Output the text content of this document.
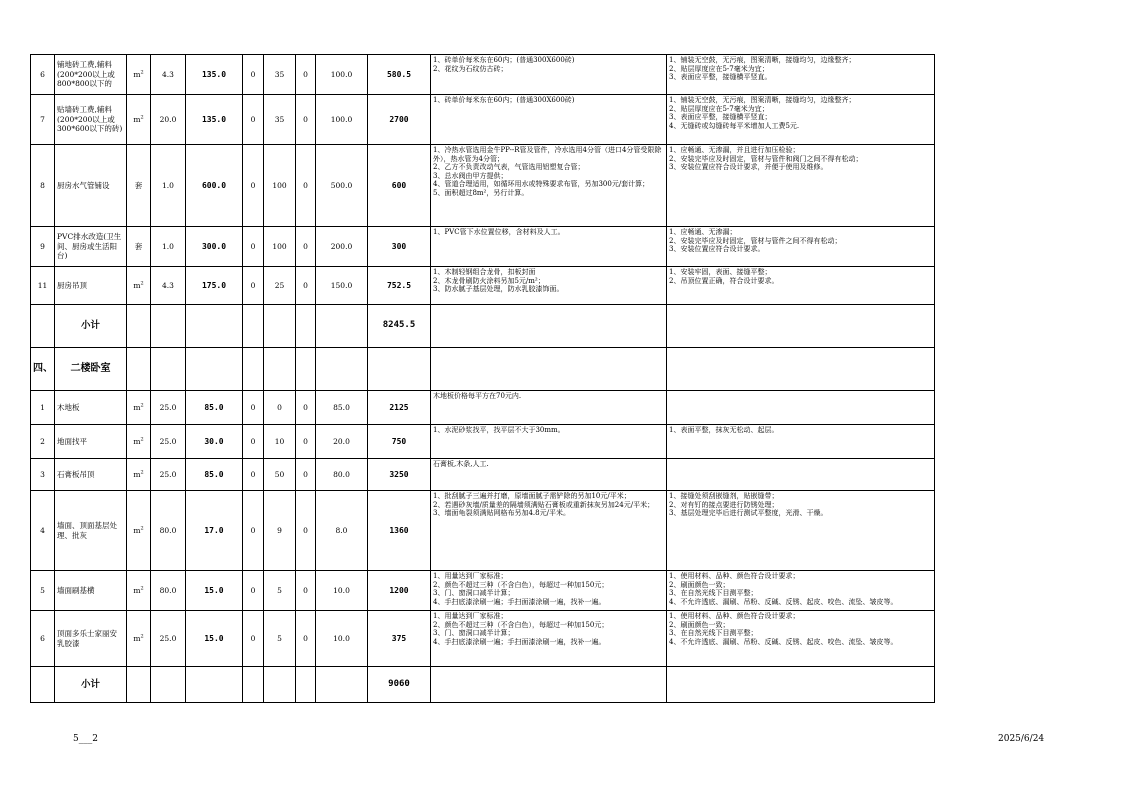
6	铺地砖工费,辅料(200*200以上或800*800以下的	$m^2$	4.3	135.0	0	35	0	100.0	580.5	1、砖单价每米东在60内；(普通300X600砖)
2、花纹为石纹仿古砖；	1、铺装无空鼓，无污痕，图案清晰，接缝均匀，边缘整齐；
2、贴层厚度应在5-7毫米为宜；
3、表面应平整，接缝横平竖直。
7	贴墙砖工费,辅料(200*200以上或300*600以下的砖)	$m^2$	20.0	135.0	0	35	0	100.0	2700	1、砖单价每米东在60内；(普通300X600砖)	1、铺装无空鼓，无污痕，图案清晰，接缝均匀，边缘整齐；
2、贴层厚度应在5-7毫米为宜；
3、表面应平整，接缝横平竖直；
4、无缝砖或勾缝砖每平米增加人工费5元.
8	厨房水气管铺设	套	1.0	600.0	0	100	0	500.0	600	1、冷热水管选用金牛PP--R管及管件，冷水选用4分管（进口4分管受限除外），热水管为4分管；
2、乙方不负责改动气表，气管选用铝塑复合管；
3、总水阀由甲方提供；
4、管道合理适用，如循环用水或特殊要求布管，另加300元/套计算；
5、面积超过8m²，另行计算。	1、应畅通、无渗漏，并且进行加压检验；
2、安装完毕应及时固定，管材与管件和阀门之间不得有松动；
3、安装位置应符合设计要求，并便于使用及维修。
9	PVC排水改造(卫生间、厨房或生活阳台)	套	1.0	300.0	0	100	0	200.0	300	1、PVC管下水位置位移，含材料及人工。	1、应畅通、无渗漏；
2、安装完毕应及时固定，管材与管件之间不得有松动；
3、安装位置应符合设计要求。
11	厨房吊顶	$m^2$	4.3	175.0	0	25	0	150.0	752.5	1、木制轻钢组合龙骨，扣板封面
2、木龙骨刷防火涂料另加5元/m²；
3、防水腻子基层处理，防水乳胶漆饰面。	1、安装牢固，表面、接缝平整；
2、吊顶位置正确，符合设计要求。
	小计								8245.5		
四、	二楼卧室										
1	木地板	$m^2$	25.0	85.0	0	0	0	85.0	2125	木地板价格每平方在70元内.	
2	地面找平	$m^2$	25.0	30.0	0	10	0	20.0	750	1、水泥砂浆找平，找平层不大于30mm。	1、表面平整，抹灰无松动、起层。
3	石膏板吊顶	$m^2$	25.0	85.0	0	50	0	80.0	3250	石膏板,木条,人工.	
4	墙面、顶面基层处理、批灰	$m^2$	80.0	17.0	0	9	0	8.0	1360	1、批刮腻子三遍并打磨，原墙面腻子需铲除的另加10元/平米；
2、若遇砂灰墙/质量差的隔墙须满贴石膏板或重新抹灰另加24元/平米；
3、墙面龟裂须满贴网格布另加4.8元/平米。	1、接缝处须刮嵌缝剂，贴嵌缝带；
2、对有钉的接点要进行防锈处理；
3、基层处理完毕后进行测试平整度，光滑、干燥。
5	墙面刷基横	$m^2$	80.0	15.0	0	5	0	10.0	1200	1、用量达到厂家标准；
2、颜色不超过三种（不含白色），每超过一种加150元；
3、门、窗洞口减半计算；
4、手扫底漆涂刷一遍；手扫面漆涂刷一遍，找补一遍。	1、使用材料、品种、颜色符合设计要求；
2、刷面颜色一致；
3、在自然光线下目测平整；
4、不允许透底、漏刷、吊粉、反碱、反锈、起皮、咬色、流坠、皱皮等。
6	顶面多乐士家丽安乳胶漆	$m^2$	25.0	15.0	0	5	0	10.0	375	1、用量达到厂家标准；
2、颜色不超过三种（不含白色），每超过一种加150元；
3、门、窗洞口减半计算；
4、手扫底漆涂刷一遍；手扫面漆涂刷一遍，找补一遍。	1、使用材料、品种、颜色符合设计要求；
2、刷面颜色一致；
3、在自然光线下目测平整；
4、不允许透底、漏刷、吊粉、反碱、反锈、起皮、咬色、流坠、皱皮等。
	小计								9060		
5___2	2025/6/24
